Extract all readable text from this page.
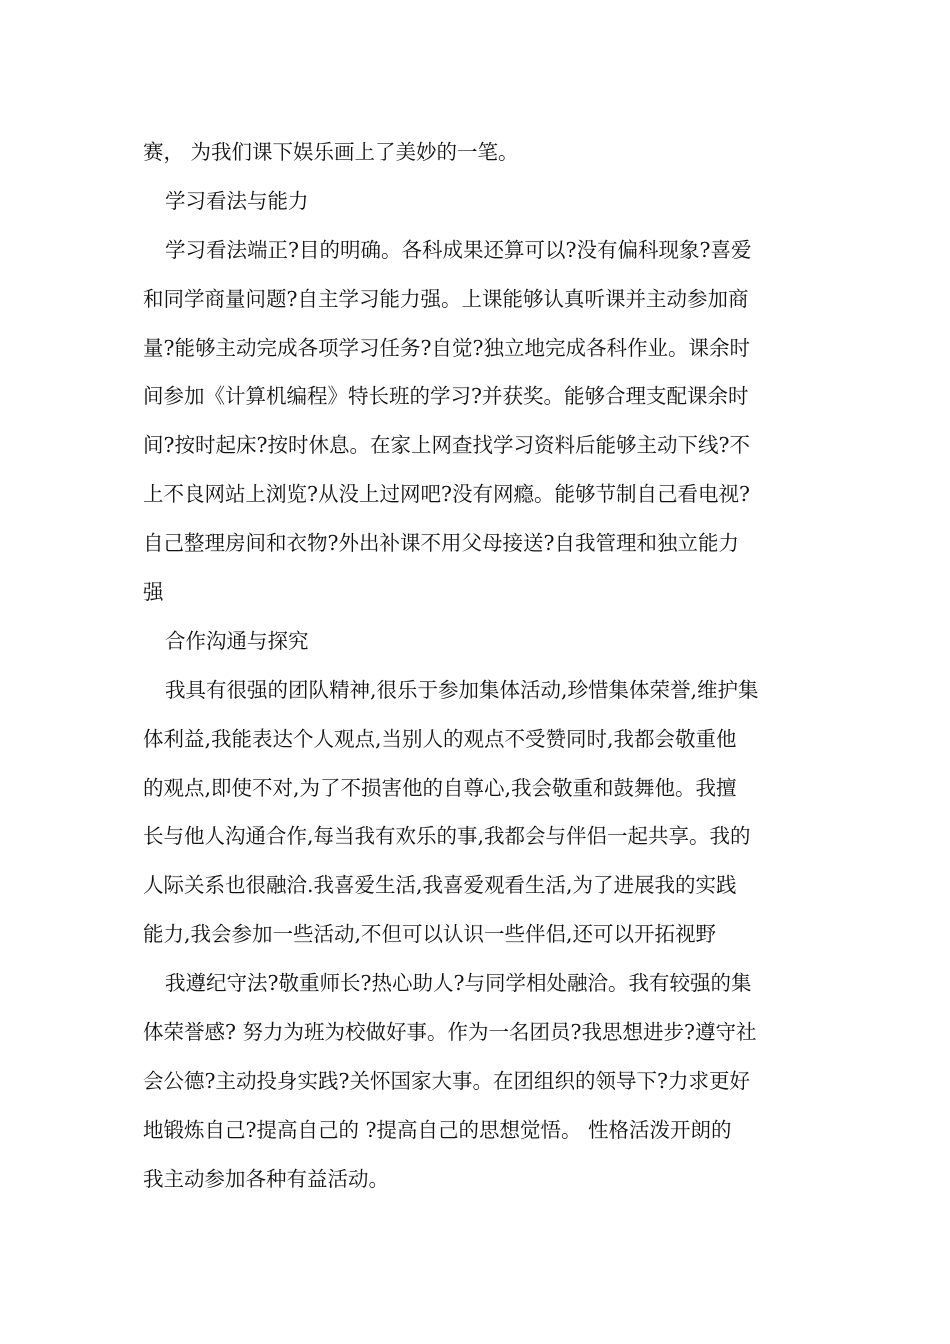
赛， 为我们课下娱乐画上了美妙的一笔。
学习看法与能力
学习看法端正?目的明确。各科成果还算可以?没有偏科现象?喜爱
和同学商量问题?自主学习能力强。上课能够认真听课并主动参加商
量?能够主动完成各项学习任务?自觉?独立地完成各科作业。课余时
间参加《计算机编程》特长班的学习?并获奖。能够合理支配课余时
间?按时起床?按时休息。在家上网查找学习资料后能够主动下线?不
上不良网站上浏览?从没上过网吧?没有网瘾。能够节制自己看电视?
自己整理房间和衣物?外出补课不用父母接送?自我管理和独立能力
强
合作沟通与探究
我具有很强的团队精神,很乐于参加集体活动,珍惜集体荣誉,维护集
体利益,我能表达个人观点,当别人的观点不受赞同时,我都会敬重他
的观点,即使不对,为了不损害他的自尊心,我会敬重和鼓舞他。我擅
长与他人沟通合作,每当我有欢乐的事,我都会与伴侣一起共享。我的
人际关系也很融洽.我喜爱生活,我喜爱观看生活,为了进展我的实践
能力,我会参加一些活动,不但可以认识一些伴侣,还可以开拓视野
我遵纪守法?敬重师长?热心助人?与同学相处融洽。我有较强的集
体荣誉感? 努力为班为校做好事。作为一名团员?我思想进步?遵守社
会公德?主动投身实践?关怀国家大事。在团组织的领导下?力求更好
地锻炼自己?提高自己的 ?提高自己的思想觉悟。 性格活泼开朗的
我主动参加各种有益活动。
